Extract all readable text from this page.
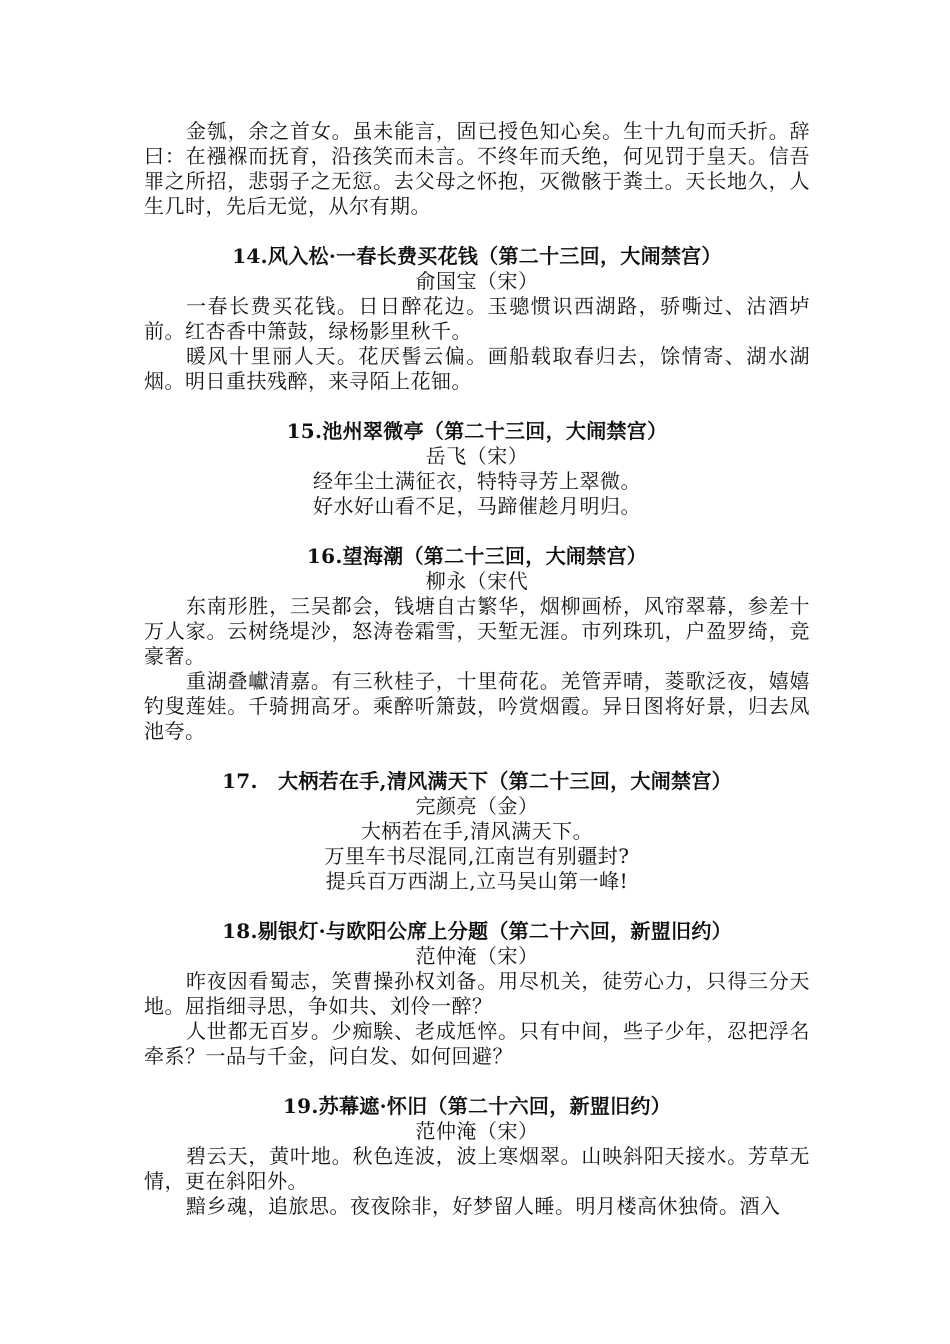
金瓠，余之首女。虽未能言，固已授色知心矣。生十九旬而夭折。辞曰：在襁褓而抚育，沿孩笑而未言。不终年而夭绝，何见罚于皇天。信吾罪之所招，悲弱子之无愆。去父母之怀抱，灭微骸于粪土。天长地久，人生几时，先后无觉，从尔有期。

14.风入松·一春长费买花钱（第二十三回，大闹禁宫）

俞国宝（宋）

一春长费买花钱。日日醉花边。玉骢惯识西湖路，骄嘶过、沽酒垆前。红杏香中箫鼓，绿杨影里秋千。

暖风十里丽人天。花厌髻云偏。画船载取春归去，馀情寄、湖水湖烟。明日重扶残醉，来寻陌上花钿。

15.池州翠微亭（第二十三回，大闹禁宫）

岳飞（宋）

经年尘土满征衣，特特寻芳上翠微。

好水好山看不足，马蹄催趁月明归。

16.望海潮（第二十三回，大闹禁宫）

柳永（宋代

东南形胜，三吴都会，钱塘自古繁华，烟柳画桥，风帘翠幕，参差十万人家。云树绕堤沙，怒涛卷霜雪，天堑无涯。市列珠玑，户盈罗绮，竞豪奢。

重湖叠巘清嘉。有三秋桂子，十里荷花。羌管弄晴，菱歌泛夜，嬉嬉钓叟莲娃。千骑拥高牙。乘醉听箫鼓，吟赏烟霞。异日图将好景，归去凤池夸。

17.　大柄若在手,清风满天下（第二十三回，大闹禁宫）

完颜亮（金）

大柄若在手,清风满天下。

万里车书尽混同,江南岂有别疆封?

提兵百万西湖上,立马吴山第一峰!

18.剔银灯·与欧阳公席上分题（第二十六回，新盟旧约）

范仲淹（宋）

昨夜因看蜀志，笑曹操孙权刘备。用尽机关，徒劳心力，只得三分天地。屈指细寻思，争如共、刘伶一醉？

人世都无百岁。少痴騃、老成尪悴。只有中间，些子少年，忍把浮名牵系？一品与千金，问白发、如何回避？

19.苏幕遮·怀旧（第二十六回，新盟旧约）

范仲淹（宋）

碧云天，黄叶地。秋色连波，波上寒烟翠。山映斜阳天接水。芳草无情，更在斜阳外。

黯乡魂，追旅思。夜夜除非，好梦留人睡。明月楼高休独倚。酒入
